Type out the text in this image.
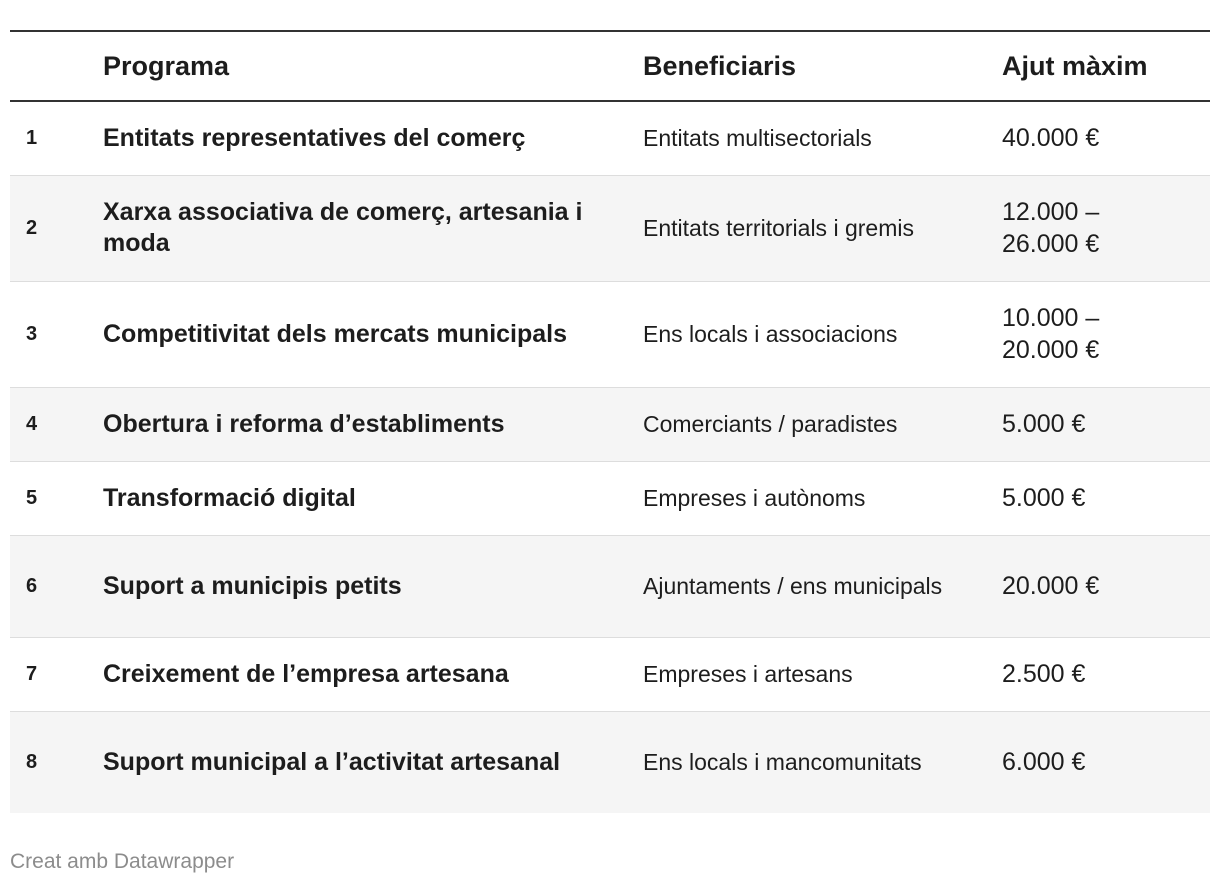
	Programa	Beneficiaris	Ajut màxim
1	Entitats representatives del comerç	Entitats multisectorials	40.000 €
2	Xarxa associativa de comerç, artesania i moda	Entitats territorials i gremis	12.000 – 26.000 €
3	Competitivitat dels mercats municipals	Ens locals i associacions	10.000 – 20.000 €
4	Obertura i reforma d’establiments	Comerciants / paradistes	5.000 €
5	Transformació digital	Empreses i autònoms	5.000 €
6	Suport a municipis petits	Ajuntaments / ens municipals	20.000 €
7	Creixement de l’empresa artesana	Empreses i artesans	2.500 €
8	Suport municipal a l’activitat artesanal	Ens locals i mancomunitats	6.000 €
Creat amb Datawrapper
